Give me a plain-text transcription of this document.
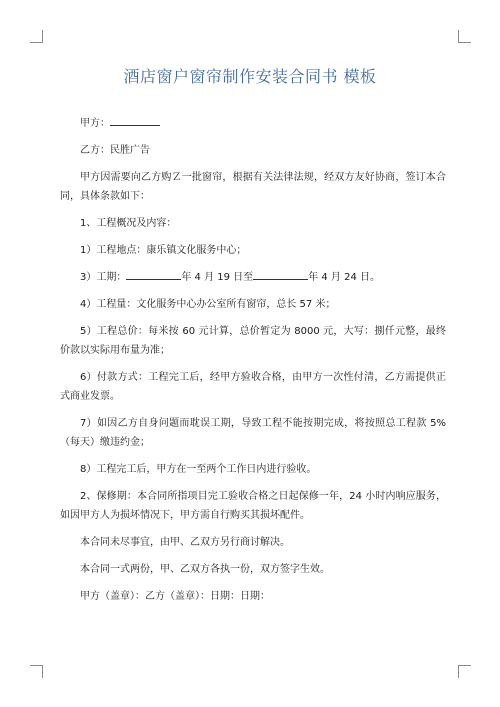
酒店窗户窗帘制作安装合同书 模板

甲方：

乙方：民胜广告

甲方因需要向乙方购Ｚ一批窗帘，根据有关法律法规，经双方友好协商，签订本合同，具体条款如下：

1、工程概况及内容：

1）工程地点：康乐镇文化服务中心；

3）工期：	年 4 月 19 日至	年 4 月 24 日。

4）工程量：文化服务中心办公室所有窗帘，总长 57 米；

5）工程总价：每米按 60 元计算，总价暂定为 8000 元，大写：捌仟元整，最终价款以实际用布量为准；

6）付款方式：工程完工后，经甲方验收合格，由甲方一次性付清，乙方需提供正式商业发票。

7）如因乙方自身问题而耽误工期，导致工程不能按期完成，将按照总工程款 5%（每天）缴违约金；

8）工程完工后，甲方在一至两个工作日内进行验收。

2、保修期：本合同所指项目完工验收合格之日起保修一年，24 小时内响应服务，如因甲方人为损坏情况下，甲方需自行购买其损坏配件。

本合同未尽事宜，由甲、乙双方另行商讨解决。

本合同一式两份，甲、乙双方各执一份，双方签字生效。

甲方（盖章）：乙方（盖章）：日期：日期：
